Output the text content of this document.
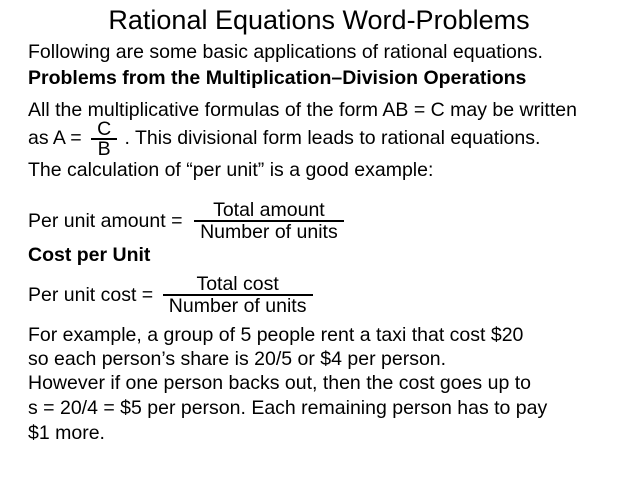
Rational Equations Word-Problems
Following are some basic applications of rational equations.
Problems from the Multiplication–Division Operations
All the multiplicative formulas of the form AB = C may be written
as $A = \frac{C}{B}$ . This divisional form leads to rational equations.
The calculation of “per unit” is a good example:
Per unit amount = $\frac{\text{Total amount}}{\text{Number of units}}$
Cost per Unit
Per unit $\cos t = \frac{\text{Total cost}}{\text{Number of units}}$
For example, a group of 5 people rent a taxi that cost $20
so each person’s share is 20/5 or $4 per person.
However if one person backs out, then the cost goes up to
s = 20/4 = $5 per person. Each remaining person has to pay
$1 more.
